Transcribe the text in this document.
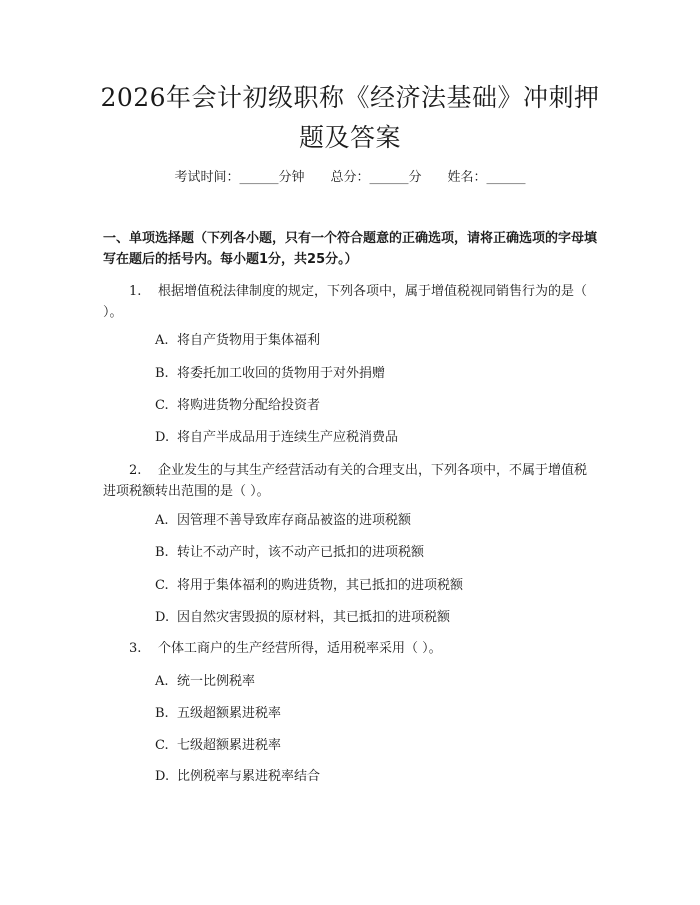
2026年会计初级职称《经济法基础》冲刺押题及答案
考试时间：______分钟 总分：______分 姓名：______
一、单项选择题（下列各小题，只有一个符合题意的正确选项，请将正确选项的字母填写在题后的括号内。每小题1分，共25分。）
1. 根据增值税法律制度的规定，下列各项中，属于增值税视同销售行为的是（ ）。
A. 将自产货物用于集体福利
B. 将委托加工收回的货物用于对外捐赠
C. 将购进货物分配给投资者
D. 将自产半成品用于连续生产应税消费品
2. 企业发生的与其生产经营活动有关的合理支出，下列各项中，不属于增值税进项税额转出范围的是（ ）。
A. 因管理不善导致库存商品被盗的进项税额
B. 转让不动产时，该不动产已抵扣的进项税额
C. 将用于集体福利的购进货物，其已抵扣的进项税额
D. 因自然灾害毁损的原材料，其已抵扣的进项税额
3. 个体工商户的生产经营所得，适用税率采用（ ）。
A. 统一比例税率
B. 五级超额累进税率
C. 七级超额累进税率
D. 比例税率与累进税率结合
